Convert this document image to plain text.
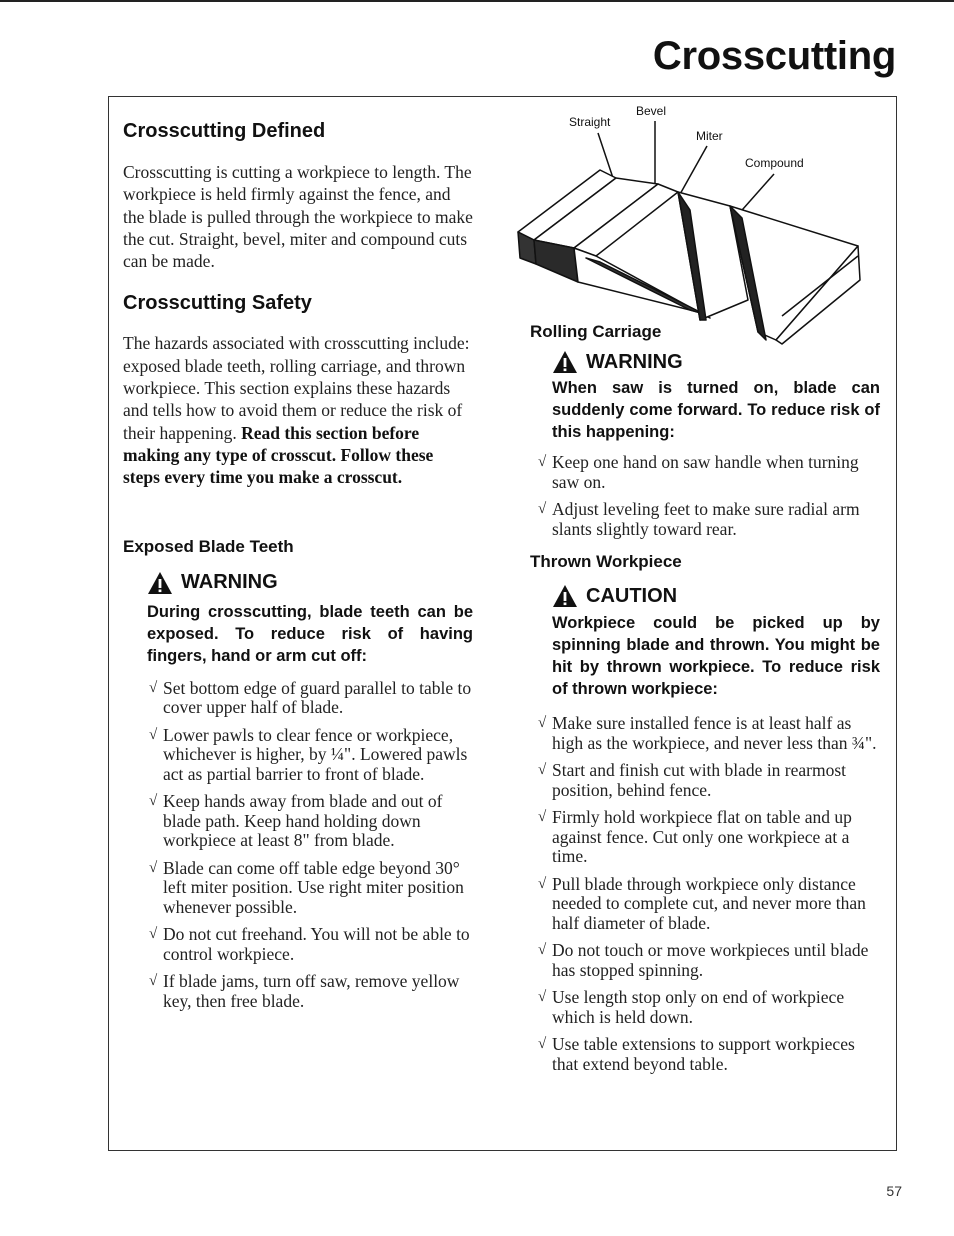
Crosscutting
Crosscutting Defined

Crosscutting is cutting a workpiece to length. The workpiece is held firmly against the fence, and the blade is pulled through the workpiece to make the cut. Straight, bevel, miter and compound cuts can be made.

Crosscutting Safety

The hazards associated with crosscutting include: exposed blade teeth, rolling carriage, and thrown workpiece. This section explains these hazards and tells how to avoid them or reduce the risk of their happening. Read this section before making any type of crosscut. Follow these steps every time you make a crosscut.

Exposed Blade Teeth
WARNING

During crosscutting, blade teeth can be exposed. To reduce risk of having fingers, hand or arm cut off:

√ Set bottom edge of guard parallel to table to cover upper half of blade.
√ Lower pawls to clear fence or workpiece, whichever is higher, by ¼". Lowered pawls act as partial barrier to front of blade.
√ Keep hands away from blade and out of blade path. Keep hand holding down workpiece at least 8" from blade.
√ Blade can come off table edge beyond 30° left miter position. Use right miter position whenever possible.
√ Do not cut freehand. You will not be able to control workpiece.
√ If blade jams, turn off saw, remove yellow key, then free blade.
Bevel
Straight
Miter
Compound
Rolling Carriage
WARNING

When saw is turned on, blade can suddenly come forward. To reduce risk of this happening:

√ Keep one hand on saw handle when turning saw on.
√ Adjust leveling feet to make sure radial arm slants slightly toward rear.
Thrown Workpiece
CAUTION

Workpiece could be picked up by spinning blade and thrown. You might be hit by thrown workpiece. To reduce risk of thrown workpiece:

√ Make sure installed fence is at least half as high as the workpiece, and never less than ¾".
√ Start and finish cut with blade in rearmost position, behind fence.
√ Firmly hold workpiece flat on table and up against fence. Cut only one workpiece at a time.
√ Pull blade through workpiece only distance needed to complete cut, and never more than half diameter of blade.
√ Do not touch or move workpieces until blade has stopped spinning.
√ Use length stop only on end of workpiece which is held down.
√ Use table extensions to support workpieces that extend beyond table.
57
